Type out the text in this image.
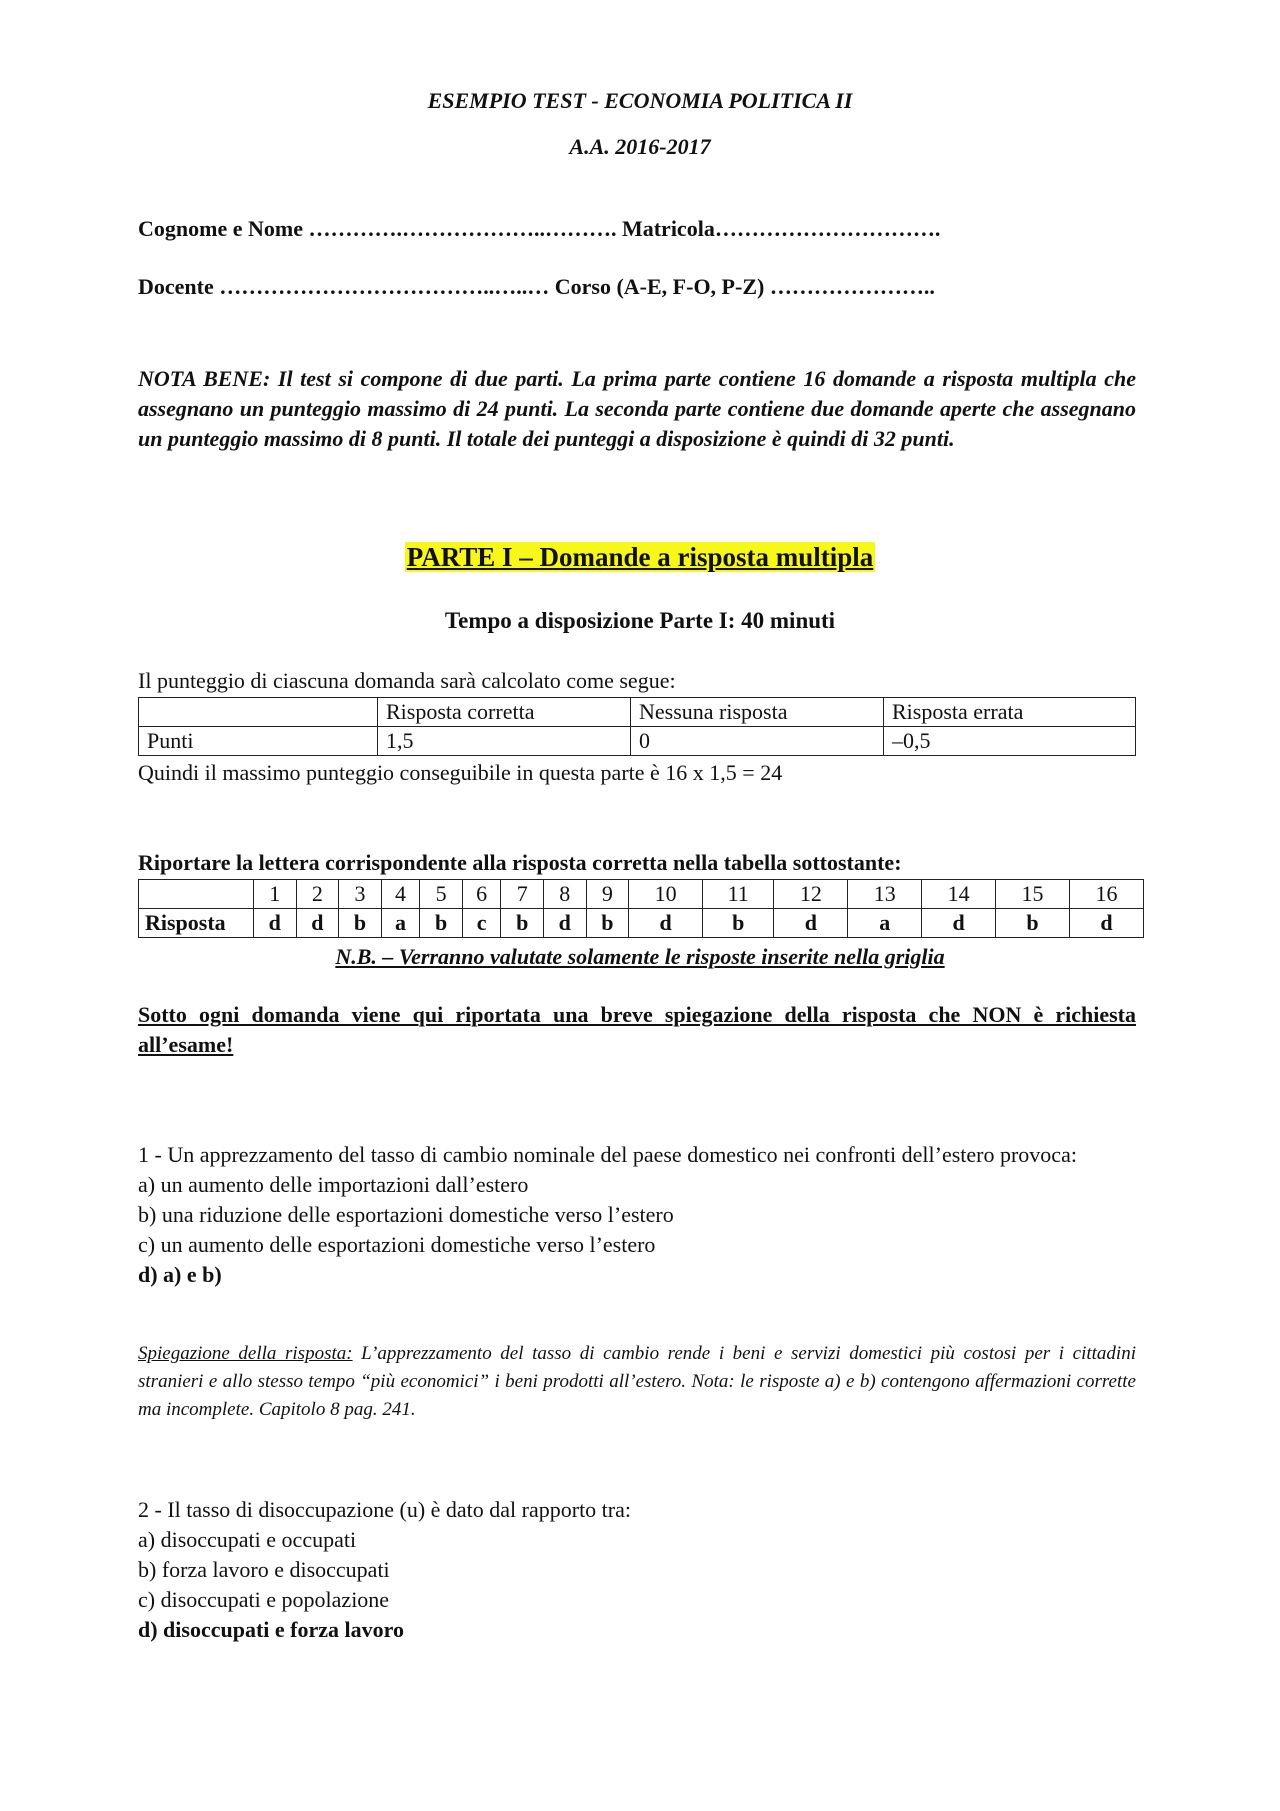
ESEMPIO TEST - ECONOMIA POLITICA II
A.A. 2016-2017
Cognome e Nome ………….………………..………. Matricola………………………….
Docente ………………………………..…..… Corso (A-E, F-O, P-Z) …………………..
NOTA BENE: Il test si compone di due parti. La prima parte contiene 16 domande a risposta multipla che assegnano un punteggio massimo di 24 punti. La seconda parte contiene due domande aperte che assegnano un punteggio massimo di 8 punti. Il totale dei punteggi a disposizione è quindi di 32 punti.
PARTE I – Domande a risposta multipla
Tempo a disposizione Parte I: 40 minuti
Il punteggio di ciascuna domanda sarà calcolato come segue:
	Risposta corretta	Nessuna risposta	Risposta errata
Punti	1,5	0	–0,5
Quindi il massimo punteggio conseguibile in questa parte è 16 x 1,5 = 24
Riportare la lettera corrispondente alla risposta corretta nella tabella sottostante:
	1	2	3	4	5	6	7	8	9	10	11	12	13	14	15	16
Risposta	d	d	b	a	b	c	b	d	b	d	b	d	a	d	b	d
N.B. – Verranno valutate solamente le risposte inserite nella griglia
Sotto ogni domanda viene qui riportata una breve spiegazione della risposta che NON è richiesta all’esame!
1 - Un apprezzamento del tasso di cambio nominale del paese domestico nei confronti dell’estero provoca:
a) un aumento delle importazioni dall’estero
b) una riduzione delle esportazioni domestiche verso l’estero
c) un aumento delle esportazioni domestiche verso l’estero
d) a) e b)
Spiegazione della risposta: L’apprezzamento del tasso di cambio rende i beni e servizi domestici più costosi per i cittadini stranieri e allo stesso tempo “più economici” i beni prodotti all’estero. Nota: le risposte a) e b) contengono affermazioni corrette ma incomplete. Capitolo 8 pag. 241.
2 - Il tasso di disoccupazione (u) è dato dal rapporto tra:
a) disoccupati e occupati
b) forza lavoro e disoccupati
c) disoccupati e popolazione
d) disoccupati e forza lavoro
